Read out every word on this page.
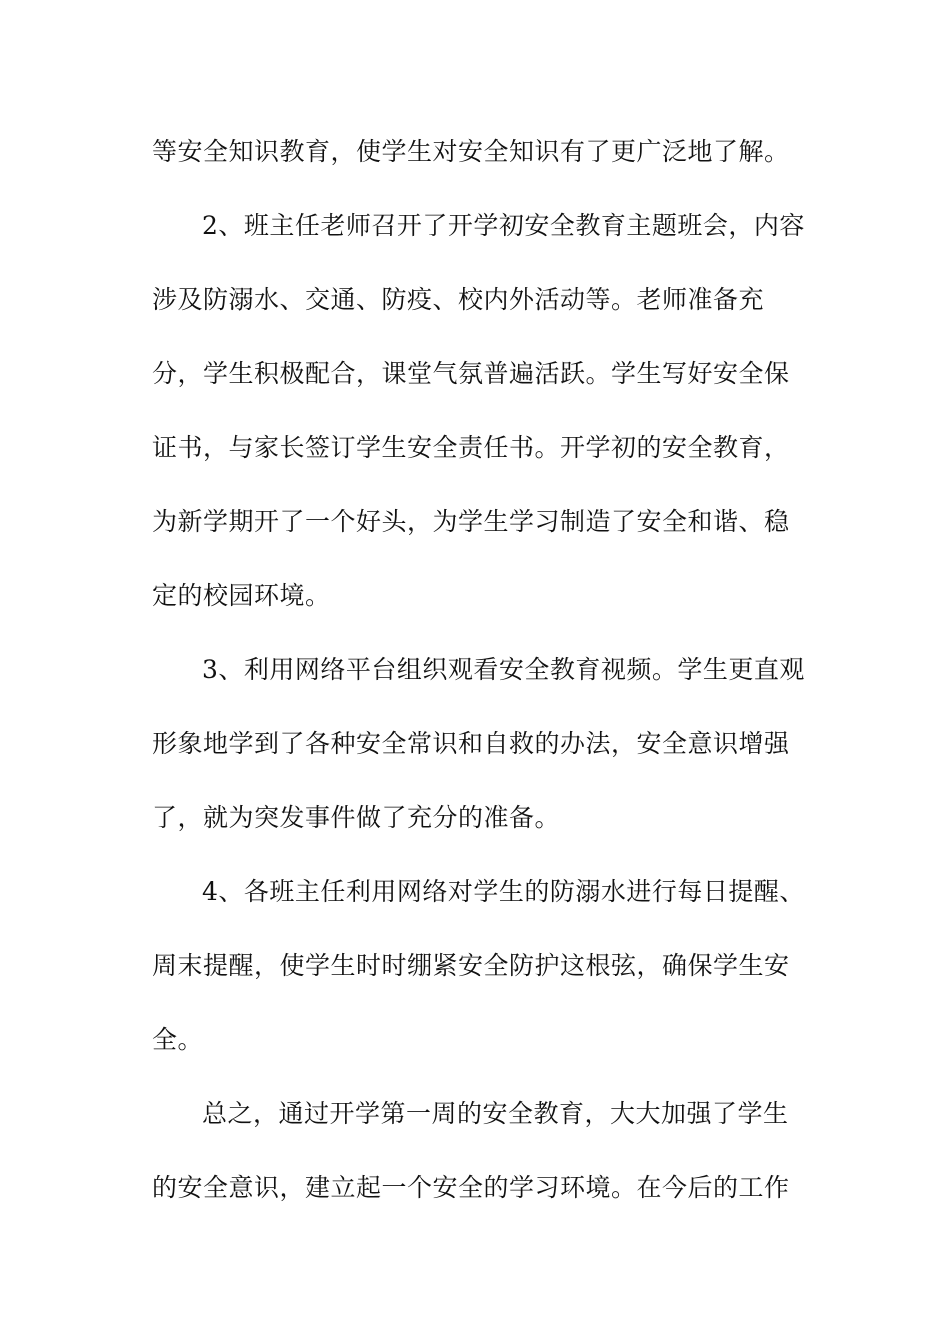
等安全知识教育，使学生对安全知识有了更广泛地了解。
2、班主任老师召开了开学初安全教育主题班会，内容
涉及防溺水、交通、防疫、校内外活动等。老师准备充
分，学生积极配合，课堂气氛普遍活跃。学生写好安全保
证书，与家长签订学生安全责任书。开学初的安全教育，
为新学期开了一个好头，为学生学习制造了安全和谐、稳
定的校园环境。
3、利用网络平台组织观看安全教育视频。学生更直观
形象地学到了各种安全常识和自救的办法，安全意识增强
了，就为突发事件做了充分的准备。
4、各班主任利用网络对学生的防溺水进行每日提醒、
周末提醒，使学生时时绷紧安全防护这根弦，确保学生安
全。
总之，通过开学第一周的安全教育，大大加强了学生
的安全意识，建立起一个安全的学习环境。在今后的工作
